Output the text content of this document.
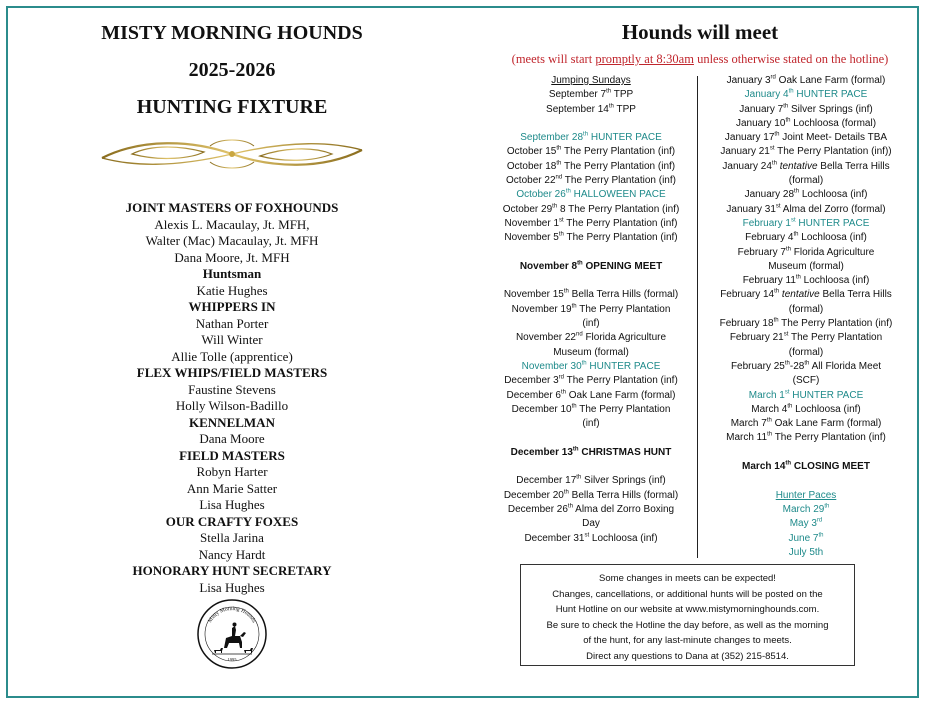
MISTY MORNING HOUNDS
2025-2026
HUNTING FIXTURE
JOINT MASTERS OF FOXHOUNDS
Alexis L. Macaulay, Jt. MFH,
Walter (Mac) Macaulay, Jt. MFH
Dana Moore, Jt. MFH
Huntsman
Katie Hughes
WHIPPERS IN
Nathan Porter
Will Winter
Allie Tolle (apprentice)
FLEX WHIPS/FIELD MASTERS
Faustine Stevens
Holly Wilson-Badillo
KENNELMAN
Dana Moore
FIELD MASTERS
Robyn Harter
Ann Marie Satter
Lisa Hughes
OUR CRAFTY FOXES
Stella Jarina
Nancy Hardt
HONORARY HUNT SECRETARY
Lisa Hughes
Misty Morning Hounds
1995
Hounds will meet
(meets will start promptly at 8:30am unless otherwise stated on the hotline)
Jumping Sundays
September 7th TPP
September 14th TPP

September 28th HUNTER PACE
October 15th The Perry Plantation (inf)
October 18th The Perry Plantation (inf)
October 22nd The Perry Plantation (inf)
October 26th HALLOWEEN PACE
October 29th 8 The Perry Plantation (inf)
November 1st The Perry Plantation (inf)
November 5th The Perry Plantation (inf)

November 8th OPENING MEET

November 15th Bella Terra Hills (formal)
November 19th The Perry Plantation
(inf)
November 22nd Florida Agriculture
Museum (formal)
November 30th HUNTER PACE
December 3rd The Perry Plantation (inf)
December 6th Oak Lane Farm (formal)
December 10th The Perry Plantation
(inf)

December 13th CHRISTMAS HUNT

December 17th Silver Springs (inf)
December 20th Bella Terra Hills (formal)
December 26th Alma del Zorro Boxing
Day
December 31st Lochloosa (inf)
January 3rd Oak Lane Farm (formal)
January 4th HUNTER PACE
January 7th Silver Springs (inf)
January 10th Lochloosa (formal)
January 17th Joint Meet- Details TBA
January 21st The Perry Plantation (inf))
January 24th tentative Bella Terra Hills
(formal)
January 28th Lochloosa (inf)
January 31st Alma del Zorro (formal)
February 1st HUNTER PACE
February 4th Lochloosa (inf)
February 7th Florida Agriculture
Museum (formal)
February 11th Lochloosa (inf)
February 14th tentative Bella Terra Hills
(formal)
February 18th The Perry Plantation (inf)
February 21st The Perry Plantation
(formal)
February 25th-28th All Florida Meet
(SCF)
March 1st HUNTER PACE
March 4th Lochloosa (inf)
March 7th Oak Lane Farm (formal)
March 11th The Perry Plantation (inf)

March 14th CLOSING MEET

Hunter Paces
March 29th
May 3rd
June 7th
July 5th
Some changes in meets can be expected!
Changes, cancellations, or additional hunts will be posted on the
Hunt Hotline on our website at www.mistymorninghounds.com.
Be sure to check the Hotline the day before, as well as the morning
of the hunt, for any last-minute changes to meets.
Direct any questions to Dana at (352) 215-8514.
